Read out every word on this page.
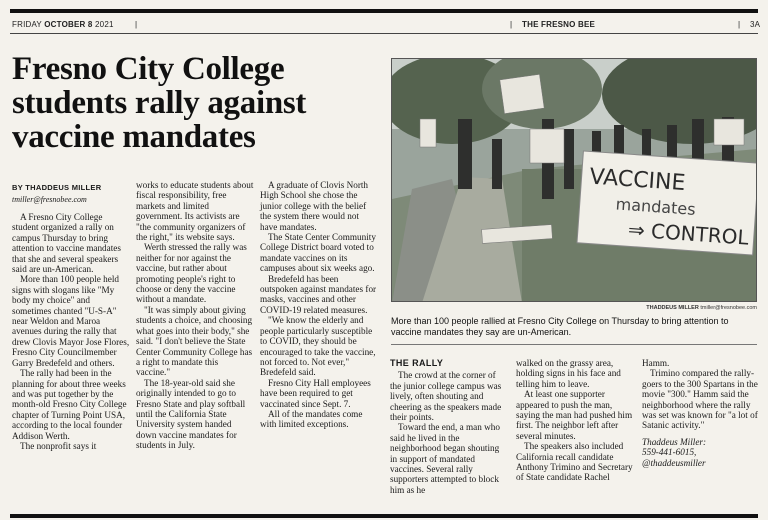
FRIDAY OCTOBER 8 2021	|	| THE FRESNO BEE	| 3A
Fresno City College students rally against vaccine mandates
BY THADDEUS MILLER
tmiller@fresnobee.com

A Fresno City College student organized a rally on campus Thursday to bring attention to vaccine mandates that she and several speakers said are un-American.

More than 100 people held signs with slogans like "My body my choice" and sometimes chanted "U-S-A" near Weldon and Maroa avenues during the rally that drew Clovis Mayor Jose Flores, Fresno City Councilmember Garry Bredefeld and others.

The rally had been in the planning for about three weeks and was put together by the month-old Fresno City College chapter of Turning Point USA, according to the local founder Addison Werth.

The nonprofit says it

works to educate students about fiscal responsibility, free markets and limited government. Its activists are "the community organizers of the right," its website says.

Werth stressed the rally was neither for nor against the vaccine, but rather about promoting people's right to choose or deny the vaccine without a mandate.

"It was simply about giving students a choice, and choosing what goes into their body," she said. "I don't believe the State Center Community College has a right to mandate this vaccine."

The 18-year-old said she originally intended to go to Fresno State and play softball until the California State University system handed down vaccine mandates for students in July.

A graduate of Clovis North High School she chose the junior college with the belief the system there would not have mandates.

The State Center Community College District board voted to mandate vaccines on its campuses about six weeks ago.

Bredefeld has been outspoken against mandates for masks, vaccines and other COVID-19 related measures.

"We know the elderly and people particularly susceptible to COVID, they should be encouraged to take the vaccine, not forced to. Not ever," Bredefeld said.

Fresno City Hall employees have been required to get vaccinated since Sept. 7.

All of the mandates come with limited exceptions.

VACCINE
mandates
⇒ CONTROL
THADDEUS MILLER tmiller@fresnobee.com
More than 100 people rallied at Fresno City College on Thursday to bring attention to vaccine mandates they say are un-American.

THE RALLY

The crowd at the corner of the junior college campus was lively, often shouting and cheering as the speakers made their points.

Toward the end, a man who said he lived in the neighborhood began shouting in support of mandated vaccines. Several rally supporters attempted to block him as he

walked on the grassy area, holding signs in his face and telling him to leave.

At least one supporter appeared to push the man, saying the man had pushed him first. The neighbor left after several minutes.

The speakers also included California recall candidate Anthony Trimino and Secretary of State candidate Rachel

Hamm.

Trimino compared the rally-goers to the 300 Spartans in the movie "300." Hamm said the neighborhood where the rally was set was known for "a lot of Satanic activity."

Thaddeus Miller:

559-441-6015,

@thaddeusmiller
